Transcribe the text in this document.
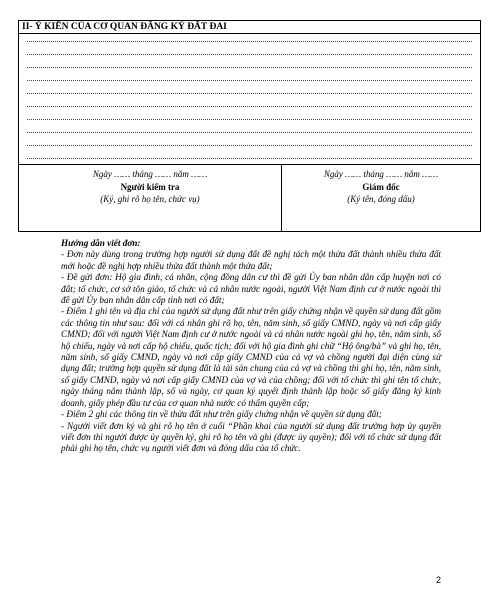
II- Ý KIẾN CỦA CƠ QUAN ĐĂNG KÝ ĐẤT ĐAI
Ngày …… tháng …… năm ……
Người kiểm tra
(Ký, ghi rõ họ tên, chức vụ)
Ngày …… tháng …… năm ……
Giám đốc
(Ký tên, đóng dấu)

Hướng dẫn viết đơn:

- Đơn này dùng trong trường hợp người sử dụng đất đề nghị tách một thửa đất thành nhiều thửa đất mới hoặc đề nghị hợp nhiều thửa đất thành một thửa đất;

- Đề gửi đơn: Hộ gia đình, cá nhân, cộng đồng dân cư thì đề gửi Ủy ban nhân dân cấp huyện nơi có đất; tổ chức, cơ sở tôn giáo, tổ chức và cá nhân nước ngoài, người Việt Nam định cư ở nước ngoài thì đề gửi Ủy ban nhân dân cấp tỉnh nơi có đất;

- Điểm 1 ghi tên và địa chỉ của người sử dụng đất như trên giấy chứng nhận về quyền sử dụng đất gồm các thông tin như sau: đối với cá nhân ghi rõ họ, tên, năm sinh, số giấy CMND, ngày và nơi cấp giấy CMND; đối với người Việt Nam định cư ở nước ngoài và cá nhân nước ngoài ghi họ, tên, năm sinh, số hộ chiếu, ngày và nơi cấp hộ chiếu, quốc tịch; đối với hộ gia đình ghi chữ “Hộ ông/bà” và ghi họ, tên, năm sinh, số giấy CMND, ngày và nơi cấp giấy CMND của cả vợ và chồng người đại diện cùng sử dụng đất; trường hợp quyền sử dụng đất là tài sản chung của cả vợ và chồng thì ghi họ, tên, năm sinh, số giấy CMND, ngày và nơi cấp giấy CMND của vợ và của chồng; đối với tổ chức thì ghi tên tổ chức, ngày tháng năm thành lập, số và ngày, cơ quan ký quyết định thành lập hoặc số giấy đăng ký kinh doanh, giấy phép đầu tư của cơ quan nhà nước có thẩm quyền cấp;

- Điểm 2 ghi các thông tin về thửa đất như trên giấy chứng nhận về quyền sử dụng đất;

- Người viết đơn ký và ghi rõ họ tên ở cuối “Phần khai của người sử dụng đất trường hợp ủy quyền viết đơn thì người được ủy quyền ký, ghi rõ họ tên và ghi (được ủy quyền); đối với tổ chức sử dụng đất phải ghi họ tên, chức vụ người viết đơn và đóng dấu của tổ chức.

2
